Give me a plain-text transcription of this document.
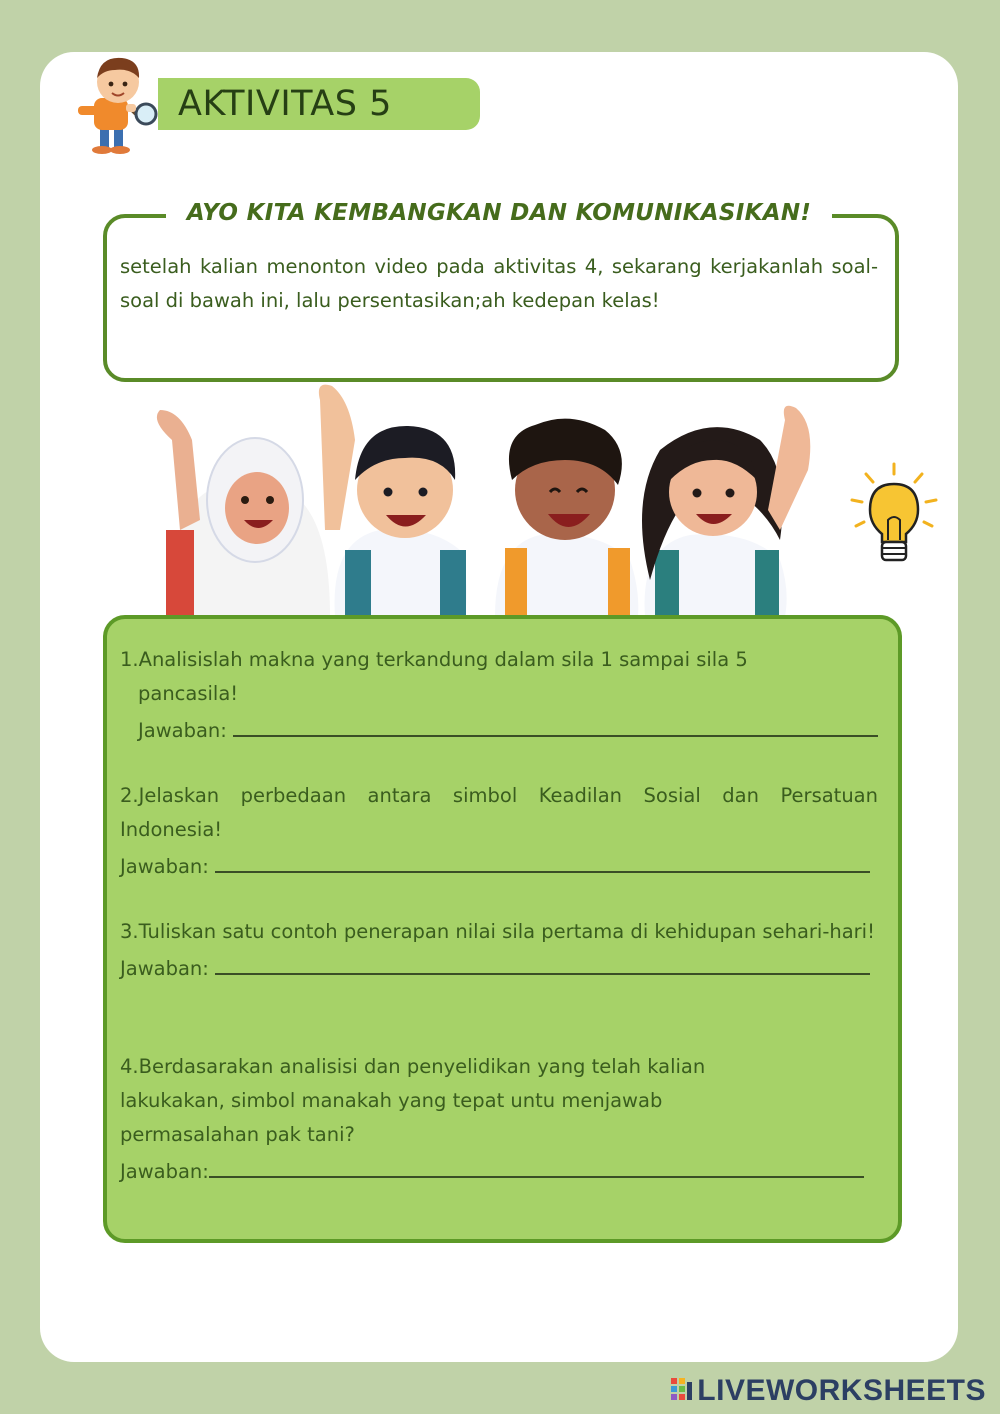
AKTIVITAS 5
AYO KITA KEMBANGKAN DAN KOMUNIKASIKAN!
setelah kalian menonton video pada aktivitas 4, sekarang kerjakanlah soal-soal di bawah ini, lalu persentasikan;ah kedepan kelas!

1.Analisislah makna yang terkandung dalam sila 1 sampai sila 5

pancasila!

Jawaban:

2.Jelaskan perbedaan antara simbol Keadilan Sosial dan Persatuan Indonesia!

Jawaban:

3.Tuliskan satu contoh penerapan nilai sila pertama di kehidupan sehari-hari!

Jawaban:

4.Berdasarakan analisisi dan penyelidikan yang telah kalian

lakukakan, simbol manakah yang tepat untu menjawab

permasalahan pak tani?

Jawaban:
LIVEWORKSHEETS
